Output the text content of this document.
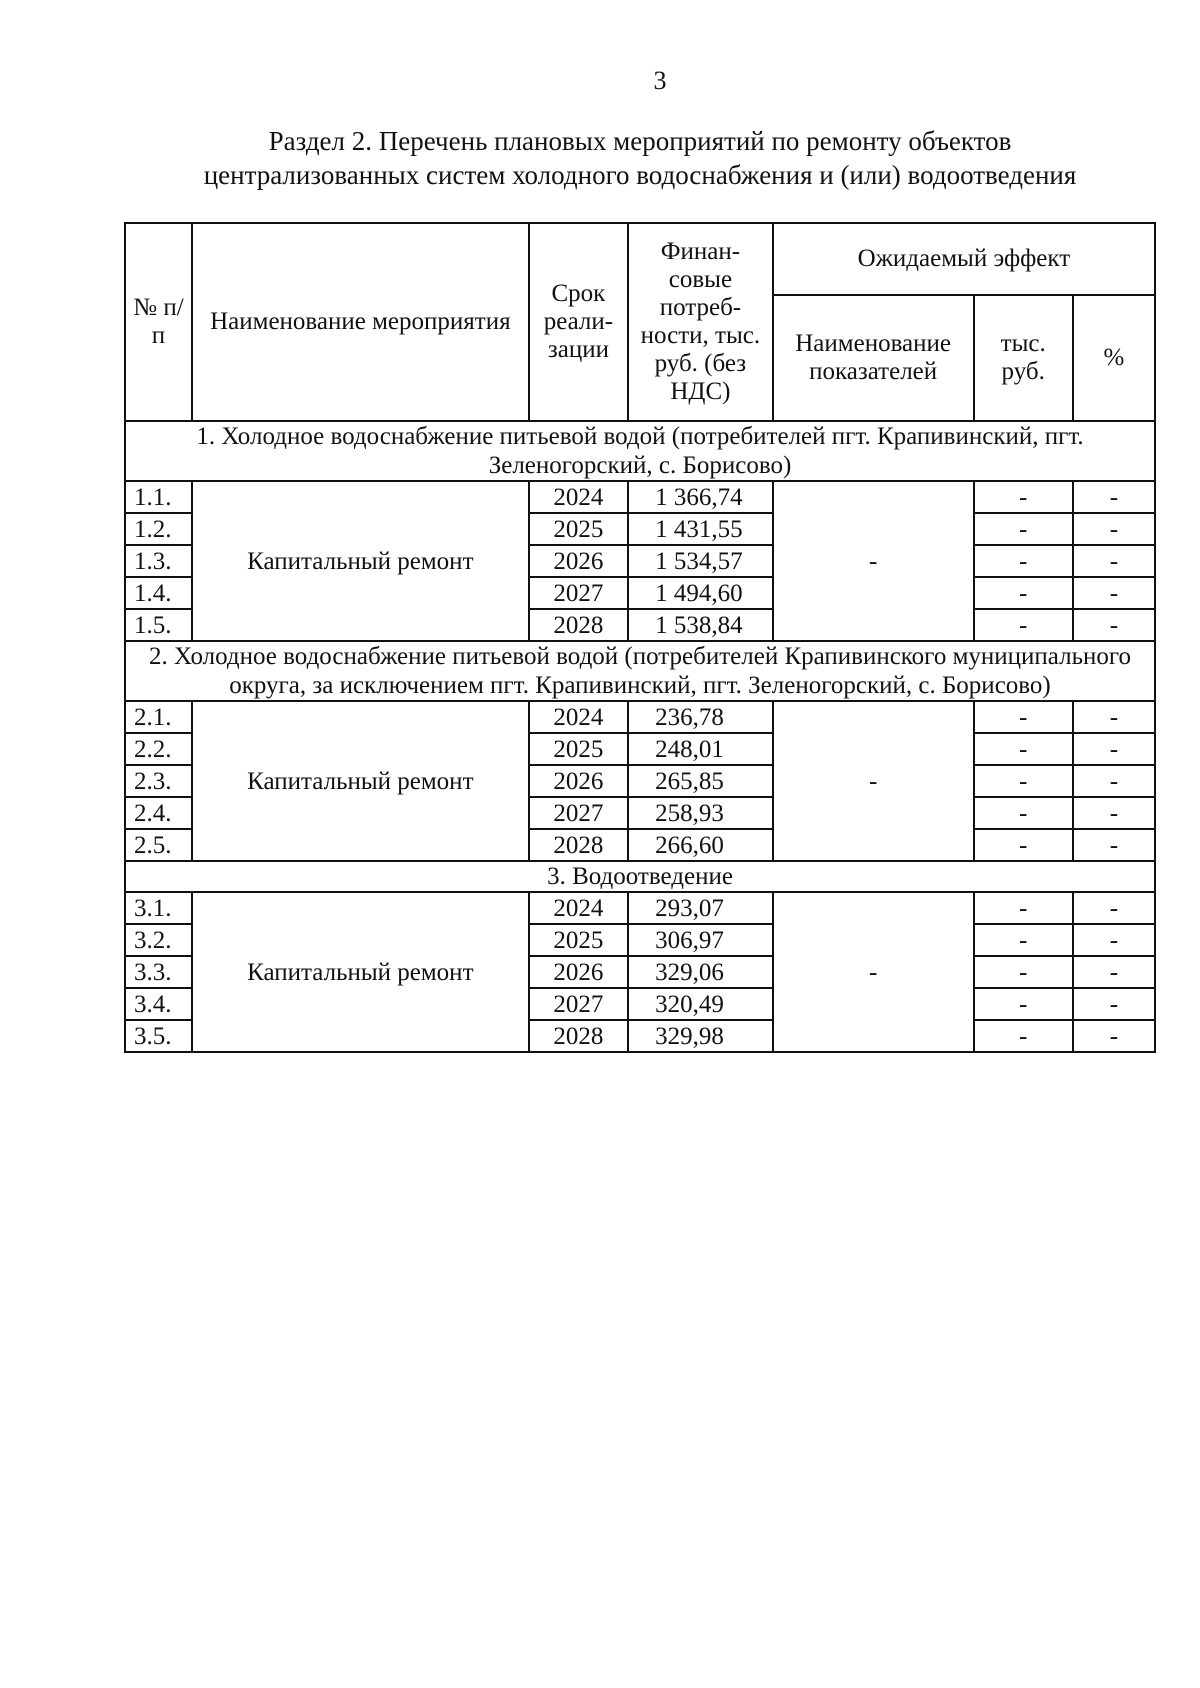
3
Раздел 2. Перечень плановых мероприятий по ремонту объектов
централизованных систем холодного водоснабжения и (или) водоотведения
№ п/п	Наименование мероприятия	Срок реали-зации	Финан-совые потреб-ности, тыс. руб. (без НДС)	Ожидаемый эффект		
				Наименование показателей	тыс. руб.	%
1. Холодное водоснабжение питьевой водой (потребителей пгт. Крапивинский, пгт. Зеленогорский, с. Борисово)						
1.1.	Капитальный ремонт	2024	1 366,74	-	-	-
1.2.		2025	1 431,55		-	-
1.3.		2026	1 534,57		-	-
1.4.		2027	1 494,60		-	-
1.5.		2028	1 538,84		-	-
2. Холодное водоснабжение питьевой водой (потребителей Крапивинского муниципального округа, за исключением пгт. Крапивинский, пгт. Зеленогорский, с. Борисово)						
2.1.	Капитальный ремонт	2024	236,78	-	-	-
2.2.		2025	248,01		-	-
2.3.		2026	265,85		-	-
2.4.		2027	258,93		-	-
2.5.		2028	266,60		-	-
3. Водоотведение						
3.1.	Капитальный ремонт	2024	293,07	-	-	-
3.2.		2025	306,97		-	-
3.3.		2026	329,06		-	-
3.4.		2027	320,49		-	-
3.5.		2028	329,98		-	-
